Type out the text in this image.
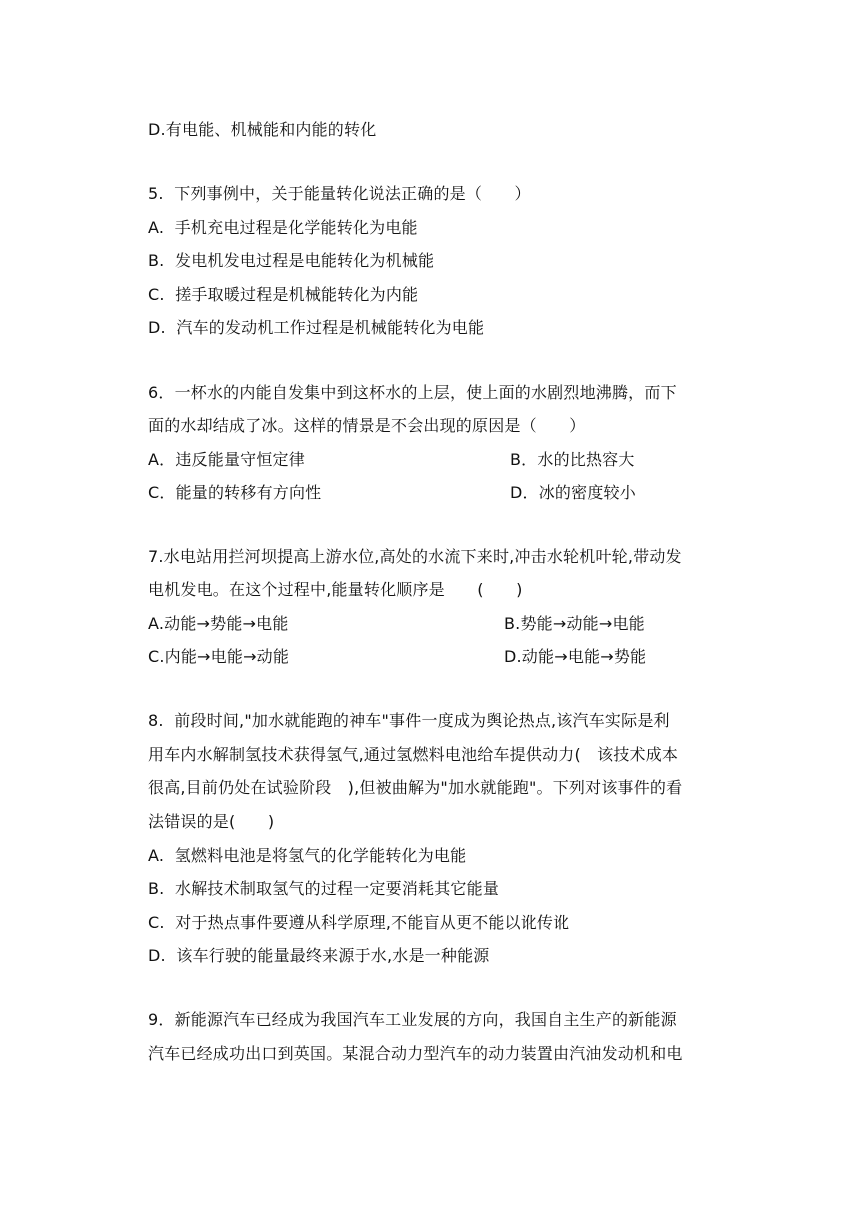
D.有电能、机械能和内能的转化
5.  下列事例中，关于能量转化说法正确的是（　　）
A.  手机充电过程是化学能转化为电能
B.  发电机发电过程是电能转化为机械能
C.  搓手取暖过程是机械能转化为内能
D.  汽车的发动机工作过程是机械能转化为电能
6．一杯水的内能自发集中到这杯水的上层，使上面的水剧烈地沸腾，而下
面的水却结成了冰。这样的情景是不会出现的原因是（　　）
A．违反能量守恒定律	B．水的比热容大
C．能量的转移有方向性	D．冰的密度较小
7.水电站用拦河坝提高上游水位,高处的水流下来时,冲击水轮机叶轮,带动发
电机发电。在这个过程中,能量转化顺序是　　(　　)
A.动能→势能→电能	B.势能→动能→电能
C.内能→电能→动能	D.动能→电能→势能
8.  前段时间,"加水就能跑的神车"事件一度成为舆论热点,该汽车实际是利
用车内水解制氢技术获得氢气,通过氢燃料电池给车提供动力(　该技术成本
很高,目前仍处在试验阶段　),但被曲解为"加水就能跑"。下列对该事件的看
法错误的是(　　)
A.  氢燃料电池是将氢气的化学能转化为电能
B.  水解技术制取氢气的过程一定要消耗其它能量
C.  对于热点事件要遵从科学原理,不能盲从更不能以讹传讹
D.  该车行驶的能量最终来源于水,水是一种能源
9．新能源汽车已经成为我国汽车工业发展的方向，我国自主生产的新能源
汽车已经成功出口到英国。某混合动力型汽车的动力装置由汽油发动机和电
